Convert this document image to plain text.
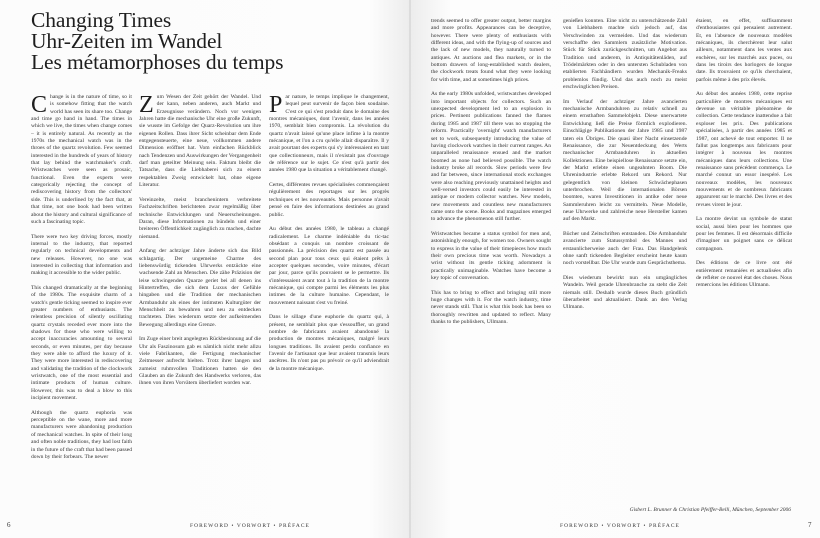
Changing Times
Uhr-Zeiten im Wandel
Les métamorphoses du temps

Change is in the nature of time, so it is somehow fitting that the watch world has seen its share too. Change and time go hand in hand. The times in which we live, the times when change comes – it is entirely natural. As recently as the 1970s the mechanical watch was in the throes of the quartz revolution. Few seemed interested in the hundreds of years of history that lay behind the watchmaker's craft. Wristwatches were seen as prosaic, functional. Even the experts were categorically rejecting the concept of rediscovering history from the collectors' side. This is underlined by the fact that, at that time, not one book had been written about the history and cultural significance of such a fascinating topic.

There were two key driving forces, mostly internal to the industry, that reported regularly on technical developments and new releases. However, no one was interested in collecting that information and making it accessible to the wider public.

This changed dramatically at the beginning of the 1980s. The exquisite charm of a watch's gentle ticking seemed to inspire ever greater numbers of enthusiasts. The relentless precision of silently oscillating quartz crystals receded ever more into the shadows for those who were willing to accept inaccuracies amounting to several seconds, or even minutes, per day because they were able to afford the luxury of it. They were more interested in rediscovering and validating the tradition of the clockwork wristwatch, one of the most essential and intimate products of human culture. However, this was to deal a blow to this incipient movement.

Although the quartz euphoria was perceptible on the wane, more and more manufacturers were abandoning production of mechanical watches. In spite of their long and often noble traditions, they had lost faith in the future of the craft that had been passed down by their forbears. The newer

Zum Wesen der Zeit gehört der Wandel. Und der kann, neben anderen, auch Markt und Erzeugnisse verändern. Noch vor wenigen Jahren hatte die mechanische Uhr eine große Zukunft, sie wusste im Gefolge der Quarz-Revolution um ihre eigenen Rollen. Dass ihrer Sicht scheinbar dem Ende entgegensteuerte, eine neue, vollkommen andere Dimension eröffnet hat. Vom einfachen Rückblick nach Tendenzen und Auswirkungen der Vergangenheit darf man geteilter Meinung sein. Faktum bleibt die Tatsache, dass die Liebhaberei sich zu einem respektablen Zweig entwickelt hat, ohne eigene Literatur.

Vereinzelte, meist branchenintern verbreitete Fachzeitschriften berichteten zwar regelmäßig über technische Entwicklungen und Neuerscheinungen. Daran, diese Informationen zu bündeln und einer breiteren Öffentlichkeit zugänglich zu machen, dachte niemand.

Anfang der achtziger Jahre änderte sich das Bild schlagartig. Der ungemeine Charme des liebenswürdig tickenden Uhrwerks entzückte eine wachsende Zahl an Menschen. Die zähe Präzision der leise schwingenden Quarze geriet bei all denen ins Hintertreffen, die sich dem Luxus der Gefühle hingaben und die Tradition der mechanischen Armbanduhr als eines der intimsten Kulturgüter der Menschheit zu bewahren und neu zu entdecken trachteten. Dies wiederum setzte der aufkeimenden Bewegung allerdings eine Grenze.

Im Zuge einer breit angelegten Rückbesinnung auf die Uhr als Faszinosum gab es nämlich nicht mehr allzu viele Fabrikanten, die Fertigung mechanischer Zeitmesser aufrecht hielten. Trotz ihrer langen und zumeist ruhmvollen Traditionen hatten sie den Glauben an die Zukunft des Handwerks verloren, das ihnen von ihren Vorvätern überliefert worden war.

Par nature, le temps implique le changement, lequel peut survenir de façon bien soudaine. C'est ce qui s'est produit dans le domaine des montres mécaniques, dont l'avenir, dans les années 1970, semblait bien compromis. La révolution du quartz n'avait laissé qu'une place infime à la montre mécanique, et l'on a cru qu'elle allait disparaître. Il y avait pourtant des experts qui s'y intéressaient en tant que collectionneurs, mais il n'existait pas d'ouvrage de référence sur le sujet. Ce n'est qu'à partir des années 1980 que la situation a véritablement changé.

Certes, différentes revues spécialisées commençaient régulièrement des reportages sur les progrès techniques et les nouveautés. Mais personne n'avait pensé en faire des informations destinées au grand public.

Au début des années 1980, le tableau a changé radicalement. Le charme indéniable du tic-tac obsédant a conquis un nombre croissant de passionnés. La précision des quartz est passée au second plan pour tous ceux qui étaient prêts à accepter quelques secondes, voire minutes, d'écart par jour, parce qu'ils pouvaient se le permettre. Ils s'intéressaient avant tout à la tradition de la montre mécanique, qui compte parmi les éléments les plus intimes de la culture humaine. Cependant, le mouvement naissant s'est vu freiné.

Dans le sillage d'une euphorie du quartz qui, à présent, ne semblait plus que s'essouffler, un grand nombre de fabricants avaient abandonné la production de montres mécaniques, malgré leurs longues traditions. Ils avaient perdu confiance en l'avenir de l'artisanat que leur avaient transmis leurs ancêtres. Ils n'ont pas pu prévoir ce qu'il adviendrait de la montre mécanique.

trends seemed to offer greater output, better margins and more profits. Appearances can be deceptive, however. There were plenty of enthusiasts with different ideas, and with the flying-up of sources and the lack of new models, they naturally turned to antiques. At auctions and flea markets, or in the bottom drawers of long-established watch dealers, the clockwork treats found what they were looking for with time, and at sometimes high prices.

As the early 1980s unfolded, wristwatches developed into important objects for collectors. Such an unexpected development led to an explosion in prices. Pertinent publications fanned the flames during 1985 and 1987 till there was no stopping the reform. Practically 'overnight' watch manufacturers set to work, subsequently introducing the value of having clockwork watches in their current ranges. An unparalleled renaissance ensued and the market boomed as none had believed possible. The watch industry broke all records. Slow periods were few and far between, since international stock exchanges were also reaching previously unattained heights and well-versed investors could easily be interested in antique or modern collector watches. New models, new movements and countless new manufacturers came onto the scene. Books and magazines emerged to advance the phenomenon still further.

Wristwatches became a status symbol for men and, astonishingly enough, for women too. Owners sought to express in the value of their timepieces how much their own precious time was worth. Nowadays a wrist without its gentle ticking adornment is practically unimaginable. Watches have become a key topic of conversation.

This has to bring to effect and bringing still more huge changes with it. For the watch industry, time never stands still. That is what this book has been so thoroughly rewritten and updated to reflect. Many thanks to the publishers, Ullmann.

genießen konnten. Eine nicht zu unterschätzende Zahl von Liebhabern machte sich jedoch auf, das Verschwinden zu vermeiden. Und das wiederum verschaffte den Sammlern zusätzliche Motivation. Stück für Stück zurückgeschnitten, um Angebot aus Tradition und anderem, in Antiquitätenläden, auf Trödelmärkten oder in den untersten Schubladen von etablierten Fachhändlern wurden Mechanik-Freaks problemlos fündig. Und das auch noch zu meist erschwinglichen Preisen.

Im Verlauf der achtziger Jahre avancierten mechanische Armbanduhren zu relativ schnell zu einem ernsthaften Sammelobjekt. Diese unerwartete Entwicklung ließ die Preise förmlich explodieren. Einschlägige Publikationen der Jahre 1985 und 1987 taten ein Übriges. Die quasi über Nacht einsetzende Renaissance, die zur Neuentdeckung des Werts mechanischer Armbanduhren in aktuellen Kollektionen. Eine beispiellose Renaissance setzte ein, der Markt erlebte einen ungeahnten Boom. Die Uhrenindustrie erlebte Rekord um Rekord. Nur gelegentlich von kleinen Schwächephasen unterbrochen. Weil die internationalen Börsen boomten, waren Investitionen in antike oder neue Sammleruhren leicht zu vermitteln. Neue Modelle, neue Uhrwerke und zahlreiche neue Hersteller kamen auf den Markt.

Bücher und Zeitschriften entstanden. Die Armbanduhr avancierte zum Statussymbol des Mannes und erstaunlicherweise auch der Frau. Das Handgelenk ohne sanft tickenden Begleiter erscheint heute kaum noch vorstellbar. Die Uhr wurde zum Gesprächsthema.

Dies wiederum bewirkt nun ein umgängliches Wandeln. Weil gerade Uhrenbranche zu steht die Zeit niemals still. Deshalb wurde dieses Buch gründlich überarbeitet und aktualisiert. Dank an den Verlag Ullmann.

étaient, en effet, suffisamment d'enthousiastes qui pensaient autrement. Et, en l'absence de nouveaux modèles mécaniques, ils cherchèrent leur salut ailleurs, notamment dans les ventes aux enchères, sur les marchés aux puces, ou dans les tiroirs des horlogers de longue date. Ils trouvaient ce qu'ils cherchaient, parfois même à des prix élevés.

Au début des années 1980, cette reprise particulière de montres mécaniques est devenue un véritable phénomène de collection. Cette tendance inattendue a fait exploser les prix. Des publications spécialisées, à partir des années 1985 et 1987, ont achevé de tout emporter. Il ne fallut pas longtemps aux fabricants pour intégrer à nouveau les montres mécaniques dans leurs collections. Une renaissance sans précédent commença. Le marché connut un essor inespéré. Les nouveaux modèles, les nouveaux mouvements et de nombreux fabricants apparurent sur le marché. Des livres et des revues virent le jour.

La montre devint un symbole de statut social, aussi bien pour les hommes que pour les femmes. Il est désormais difficile d'imaginer un poignet sans ce délicat compagnon.

Des éditions de ce livre ont été entièrement remaniées et actualisées afin de refléter ce nouvel état des choses. Nous remercions les éditions Ullmann.

Gisbert L. Brunner & Christian Pfeiffer-Belli, München, September 2006
6	FOREWORD • VORWORT • PRÉFACE	FOREWORD • VORWORT • PRÉFACE	7
